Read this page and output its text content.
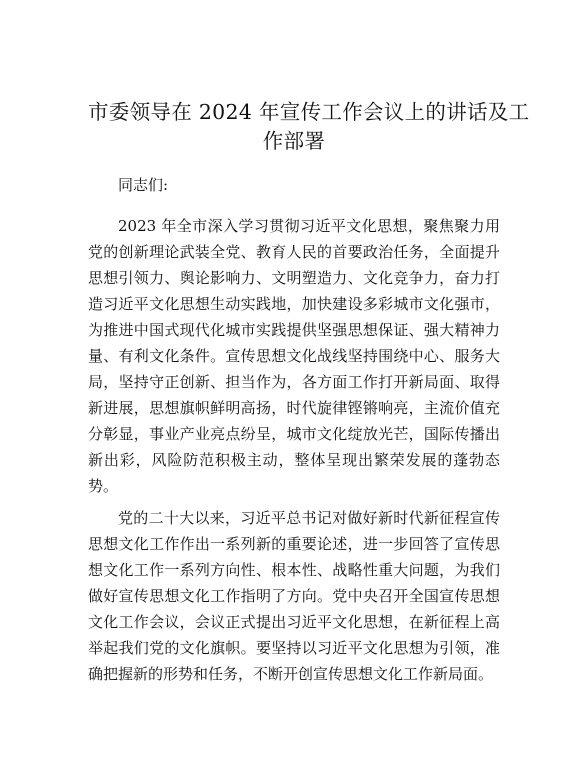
市委领导在 2024 年宣传工作会议上的讲话及工
作部署

同志们:

2023 年全市深入学习贯彻习近平文化思想，聚焦聚力用党的创新理论武装全党、教育人民的首要政治任务，全面提升思想引领力、舆论影响力、文明塑造力、文化竞争力，奋力打造习近平文化思想生动实践地，加快建设多彩城市文化强市，为推进中国式现代化城市实践提供坚强思想保证、强大精神力量、有利文化条件。宣传思想文化战线坚持围绕中心、服务大局，坚持守正创新、担当作为，各方面工作打开新局面、取得新进展，思想旗帜鲜明高扬，时代旋律铿锵响亮，主流价值充分彰显，事业产业亮点纷呈，城市文化绽放光芒，国际传播出新出彩，风险防范积极主动，整体呈现出繁荣发展的蓬勃态势。

党的二十大以来，习近平总书记对做好新时代新征程宣传思想文化工作作出一系列新的重要论述，进一步回答了宣传思想文化工作一系列方向性、根本性、战略性重大问题，为我们做好宣传思想文化工作指明了方向。党中央召开全国宣传思想文化工作会议，会议正式提出习近平文化思想，在新征程上高举起我们党的文化旗帜。要坚持以习近平文化思想为引领，准确把握新的形势和任务，不断开创宣传思想文化工作新局面。
